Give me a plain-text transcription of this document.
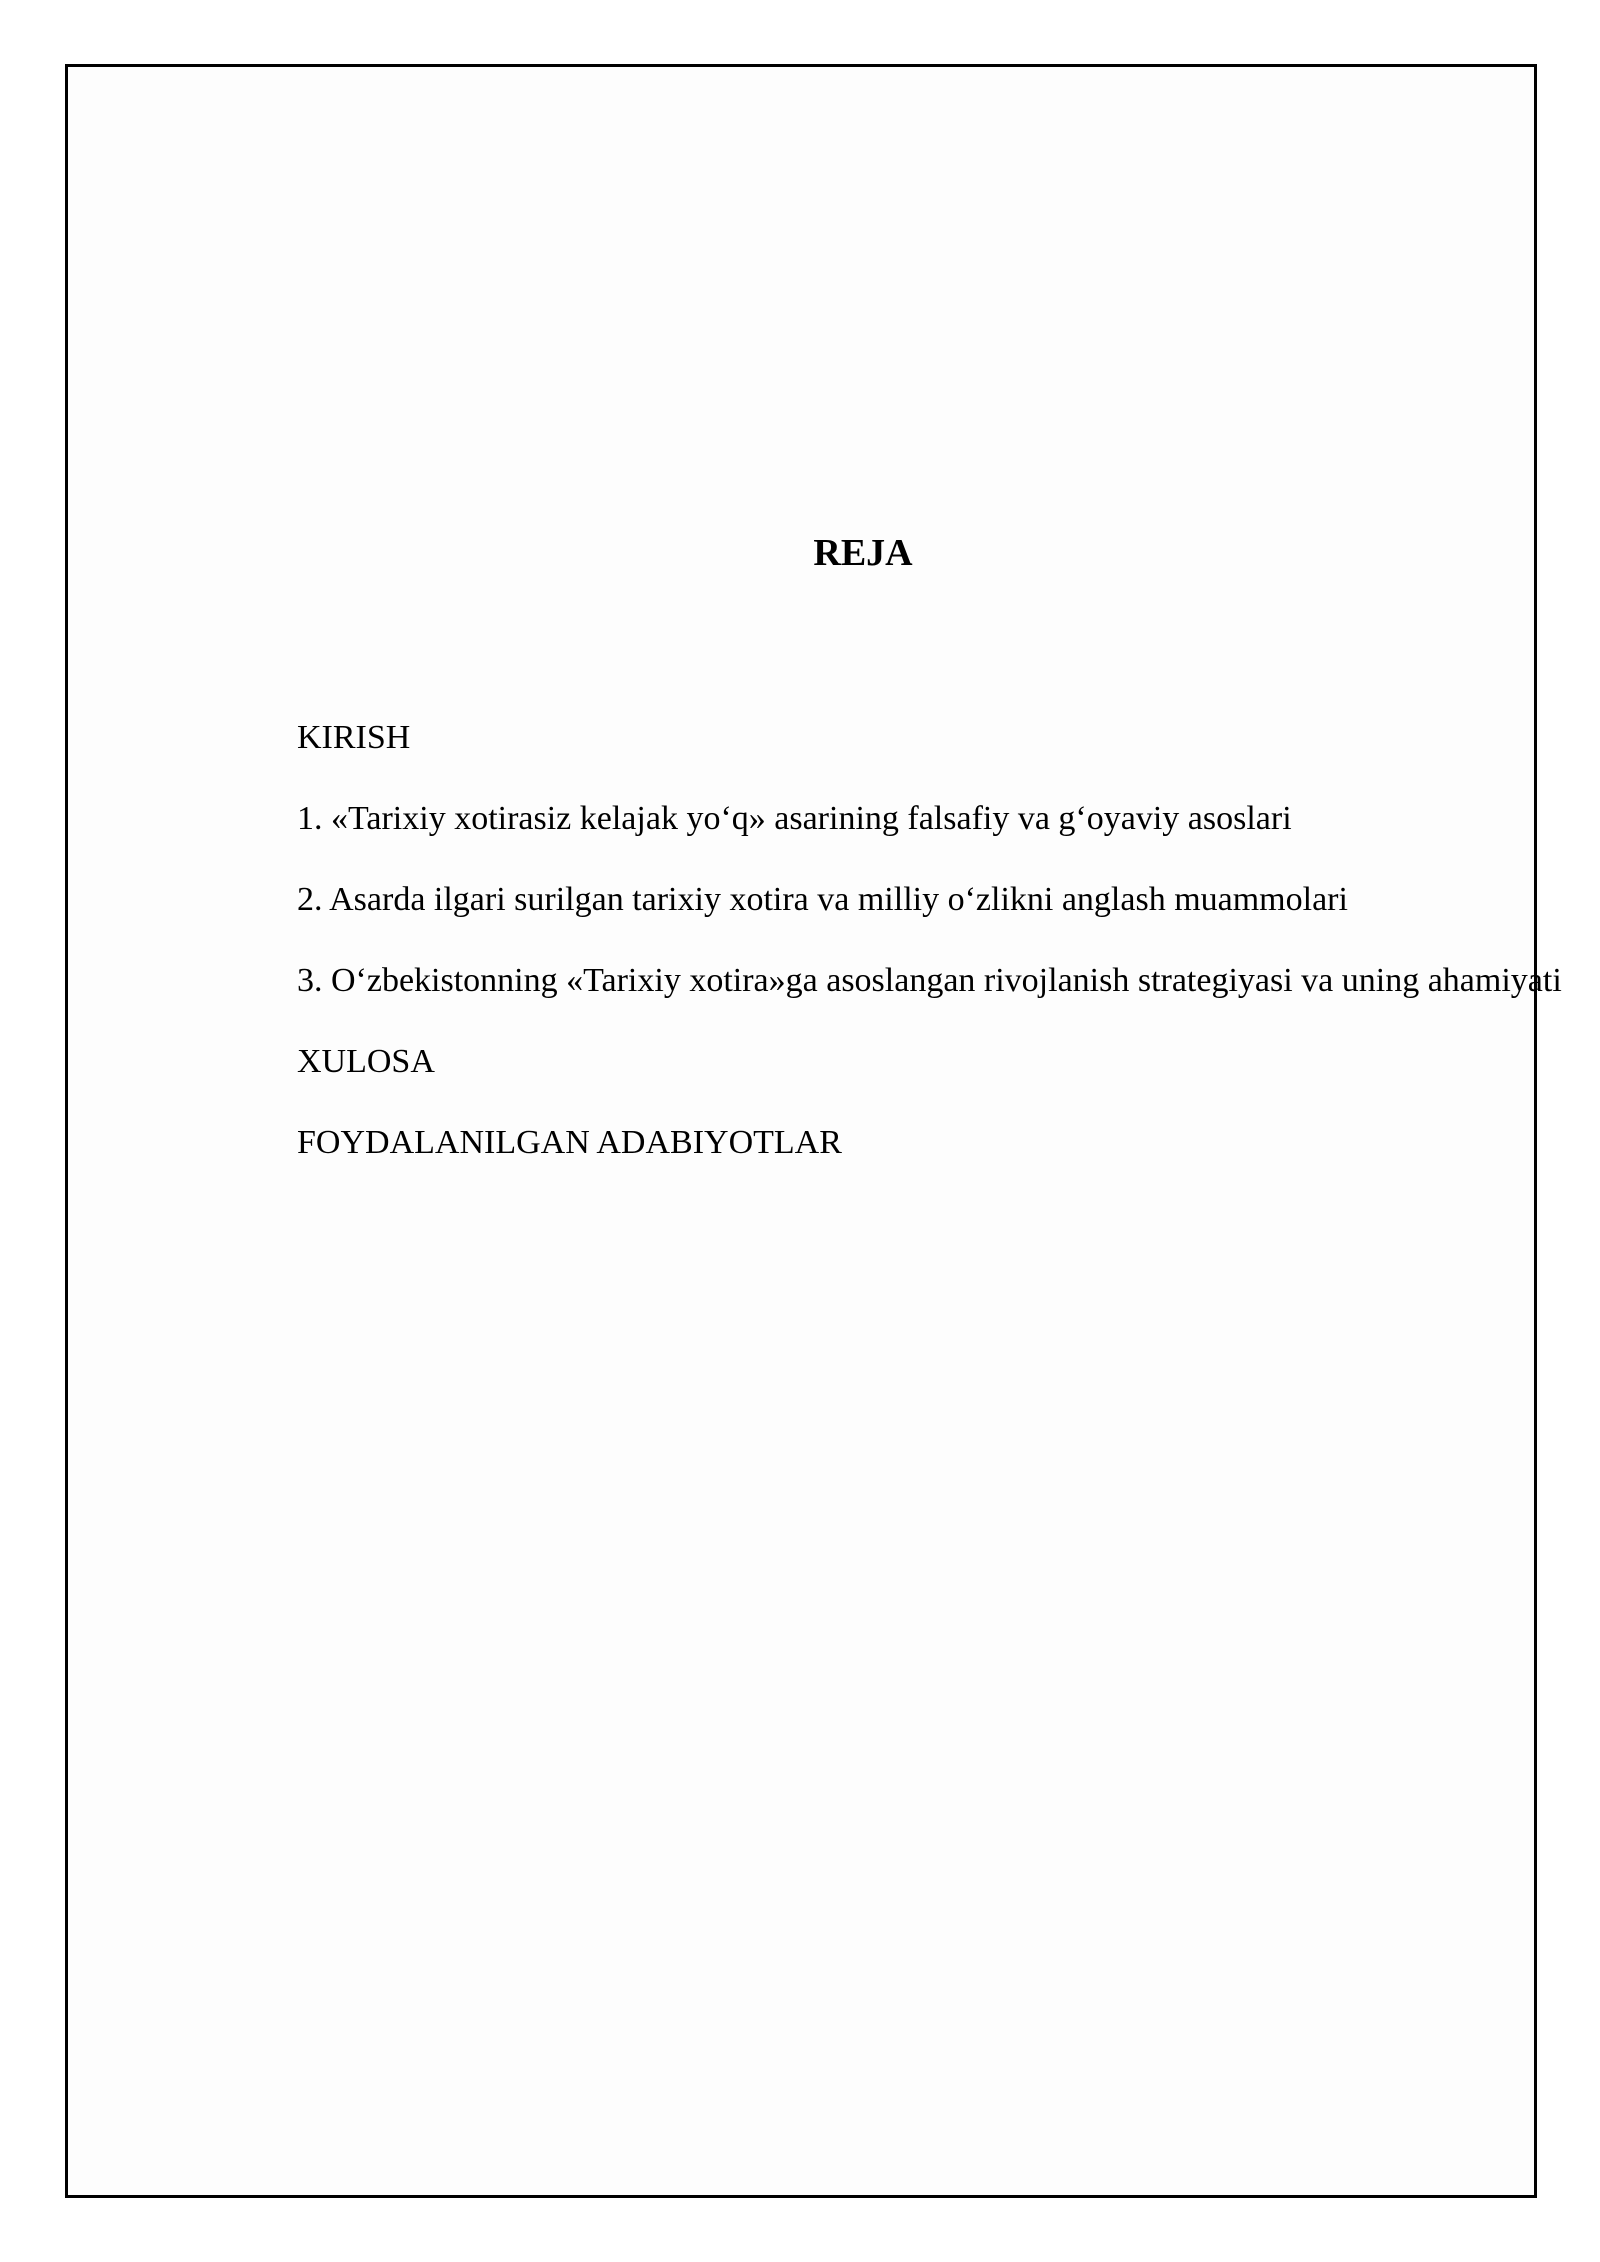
REJA
KIRISH
1. «Tarixiy xotirasiz kelajak yo‘q» asarining falsafiy va g‘oyaviy asoslari
2. Asarda ilgari surilgan tarixiy xotira va milliy o‘zlikni anglash muammolari
3. O‘zbekistonning «Tarixiy xotira»ga asoslangan rivojlanish strategiyasi va uning ahamiyati
XULOSA
FOYDALANILGAN ADABIYOTLAR
